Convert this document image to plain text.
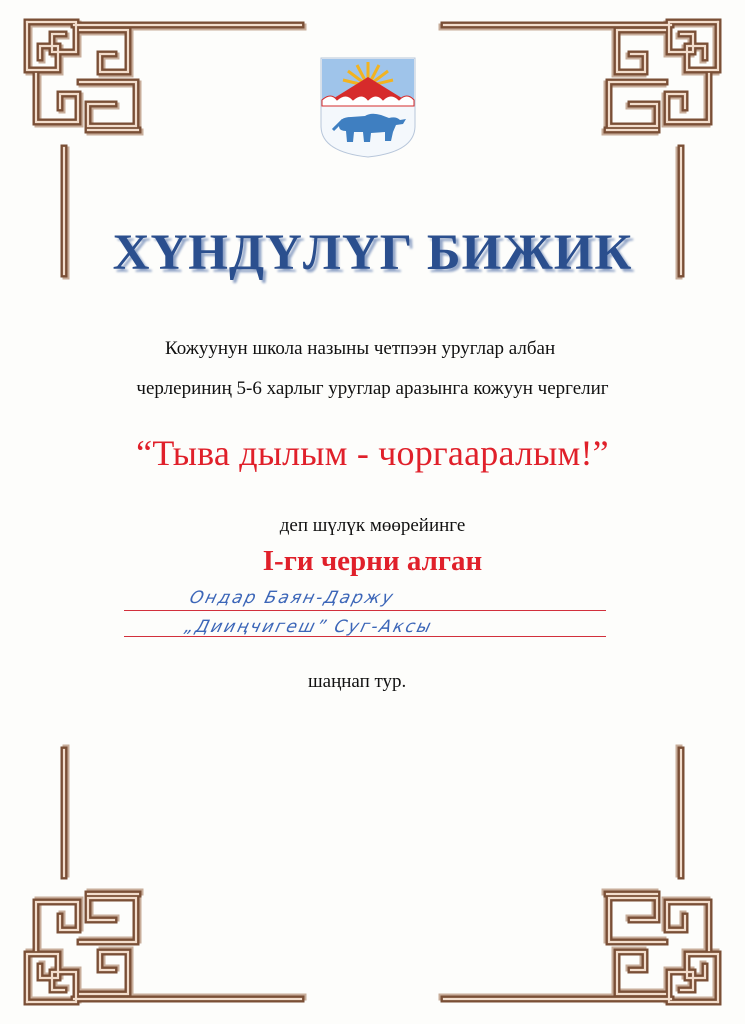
ХҮНДҮЛҮГ БИЖИК
Кожуунун школа назыны четпээн уруглар албан
черлериниң 5-6 харлыг уруглар аразынга кожуун чергелиг
“Тыва дылым - чоргааралым!”
деп шүлүк мөөрейинге
I-ги черни алган
Ондар Баян-Даржу
„Дииңчигеш” Суг-Аксы
шаңнап тур.
